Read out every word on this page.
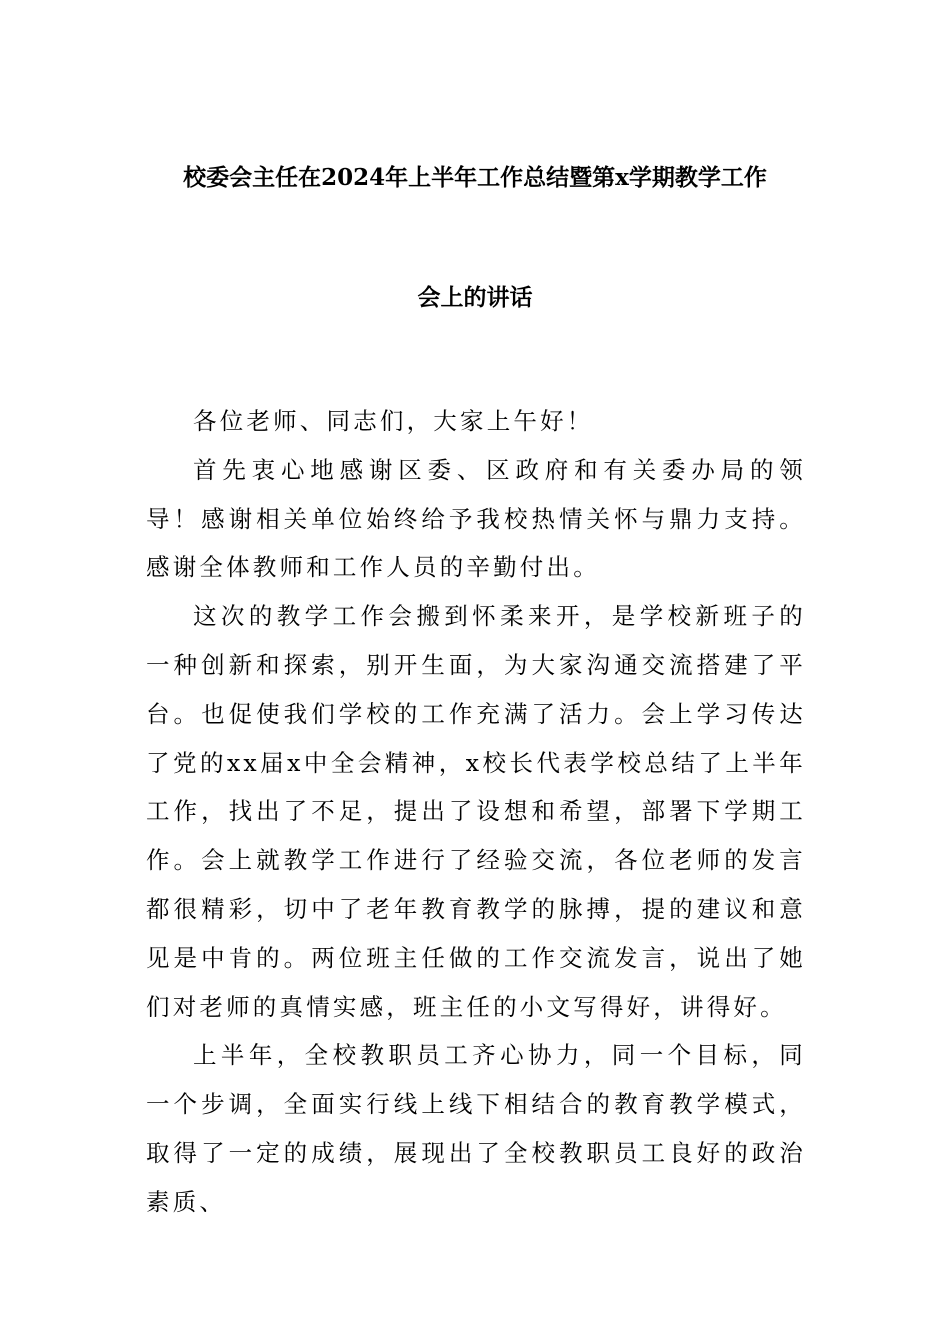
校委会主任在2024年上半年工作总结暨第x学期教学工作
会上的讲话

各位老师、同志们，大家上午好！

首先衷心地感谢区委、区政府和有关委办局的领导！感谢相关单位始终给予我校热情关怀与鼎力支持。感谢全体教师和工作人员的辛勤付出。

这次的教学工作会搬到怀柔来开，是学校新班子的一种创新和探索，别开生面，为大家沟通交流搭建了平台。也促使我们学校的工作充满了活力。会上学习传达了党的xx届x中全会精神，x校长代表学校总结了上半年工作，找出了不足，提出了设想和希望，部署下学期工作。会上就教学工作进行了经验交流，各位老师的发言都很精彩，切中了老年教育教学的脉搏，提的建议和意见是中肯的。两位班主任做的工作交流发言，说出了她们对老师的真情实感，班主任的小文写得好，讲得好。

上半年，全校教职员工齐心协力，同一个目标，同一个步调，全面实行线上线下相结合的教育教学模式，取得了一定的成绩，展现出了全校教职员工良好的政治素质、
